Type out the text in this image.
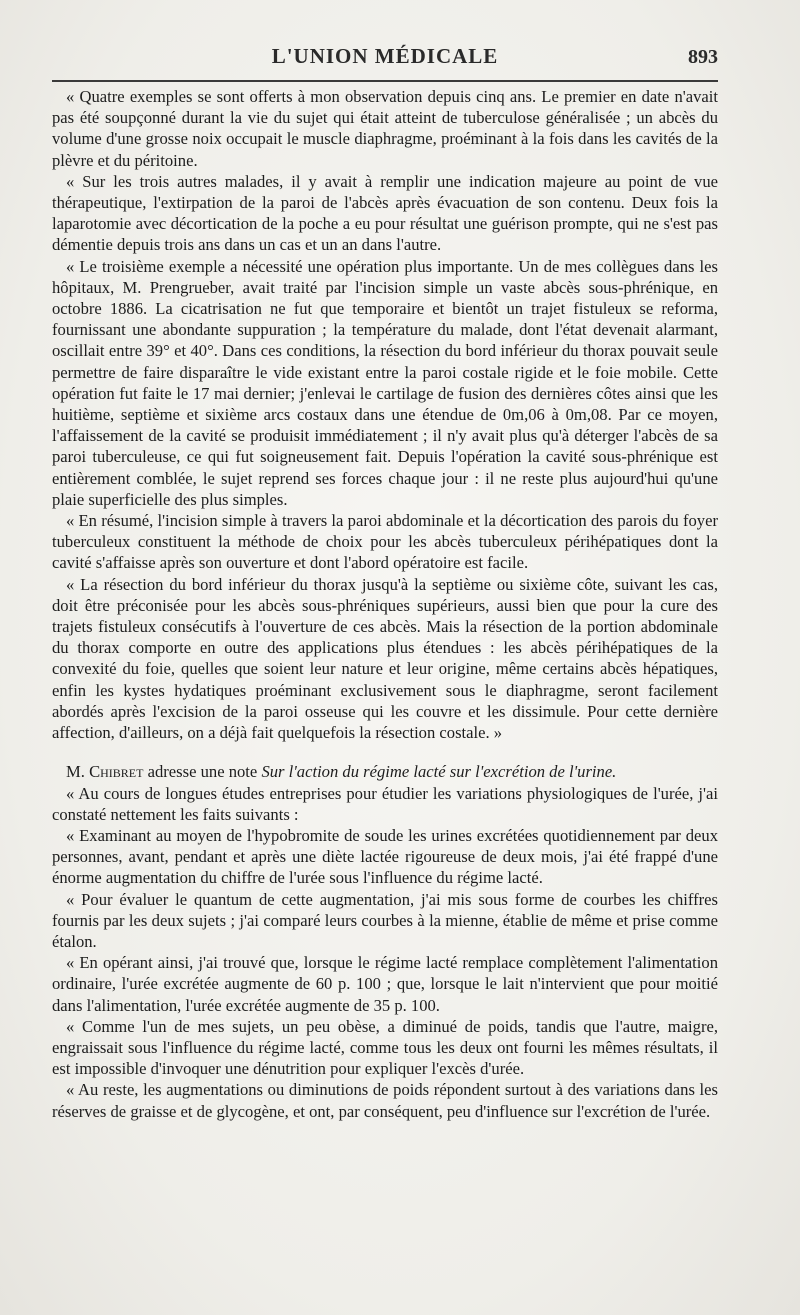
L'UNION MÉDICALE	893

« Quatre exemples se sont offerts à mon observation depuis cinq ans. Le premier en date n'avait pas été soupçonné durant la vie du sujet qui était atteint de tuberculose généralisée ; un abcès du volume d'une grosse noix occupait le muscle diaphragme, proéminant à la fois dans les cavités de la plèvre et du péritoine.

« Sur les trois autres malades, il y avait à remplir une indication majeure au point de vue thérapeutique, l'extirpation de la paroi de l'abcès après évacuation de son contenu. Deux fois la laparotomie avec décortication de la poche a eu pour résultat une guérison prompte, qui ne s'est pas démentie depuis trois ans dans un cas et un an dans l'autre.

« Le troisième exemple a nécessité une opération plus importante. Un de mes collègues dans les hôpitaux, M. Prengrueber, avait traité par l'incision simple un vaste abcès sous-phrénique, en octobre 1886. La cicatrisation ne fut que temporaire et bientôt un trajet fistuleux se reforma, fournissant une abondante suppuration ; la température du malade, dont l'état devenait alarmant, oscillait entre 39° et 40°. Dans ces conditions, la résection du bord inférieur du thorax pouvait seule permettre de faire disparaître le vide existant entre la paroi costale rigide et le foie mobile. Cette opération fut faite le 17 mai dernier; j'enlevai le cartilage de fusion des dernières côtes ainsi que les huitième, septième et sixième arcs costaux dans une étendue de 0m,06 à 0m,08. Par ce moyen, l'affaissement de la cavité se produisit immédiatement ; il n'y avait plus qu'à déterger l'abcès de sa paroi tuberculeuse, ce qui fut soigneusement fait. Depuis l'opération la cavité sous-phrénique est entièrement comblée, le sujet reprend ses forces chaque jour : il ne reste plus aujourd'hui qu'une plaie superficielle des plus simples.

« En résumé, l'incision simple à travers la paroi abdominale et la décortication des parois du foyer tuberculeux constituent la méthode de choix pour les abcès tuberculeux périhépatiques dont la cavité s'affaisse après son ouverture et dont l'abord opératoire est facile.

« La résection du bord inférieur du thorax jusqu'à la septième ou sixième côte, suivant les cas, doit être préconisée pour les abcès sous-phréniques supérieurs, aussi bien que pour la cure des trajets fistuleux consécutifs à l'ouverture de ces abcès. Mais la résection de la portion abdominale du thorax comporte en outre des applications plus étendues : les abcès périhépatiques de la convexité du foie, quelles que soient leur nature et leur origine, même certains abcès hépatiques, enfin les kystes hydatiques proéminant exclusivement sous le diaphragme, seront facilement abordés après l'excision de la paroi osseuse qui les couvre et les dissimule. Pour cette dernière affection, d'ailleurs, on a déjà fait quelquefois la résection costale. »

M. Chibret adresse une note Sur l'action du régime lacté sur l'excrétion de l'urine.

« Au cours de longues études entreprises pour étudier les variations physiologiques de l'urée, j'ai constaté nettement les faits suivants :

« Examinant au moyen de l'hypobromite de soude les urines excrétées quotidiennement par deux personnes, avant, pendant et après une diète lactée rigoureuse de deux mois, j'ai été frappé d'une énorme augmentation du chiffre de l'urée sous l'influence du régime lacté.

« Pour évaluer le quantum de cette augmentation, j'ai mis sous forme de courbes les chiffres fournis par les deux sujets ; j'ai comparé leurs courbes à la mienne, établie de même et prise comme étalon.

« En opérant ainsi, j'ai trouvé que, lorsque le régime lacté remplace complètement l'alimentation ordinaire, l'urée excrétée augmente de 60 p. 100 ; que, lorsque le lait n'intervient que pour moitié dans l'alimentation, l'urée excrétée augmente de 35 p. 100.

« Comme l'un de mes sujets, un peu obèse, a diminué de poids, tandis que l'autre, maigre, engraissait sous l'influence du régime lacté, comme tous les deux ont fourni les mêmes résultats, il est impossible d'invoquer une dénutrition pour expliquer l'excès d'urée.

« Au reste, les augmentations ou diminutions de poids répondent surtout à des variations dans les réserves de graisse et de glycogène, et ont, par conséquent, peu d'influence sur l'excrétion de l'urée.
